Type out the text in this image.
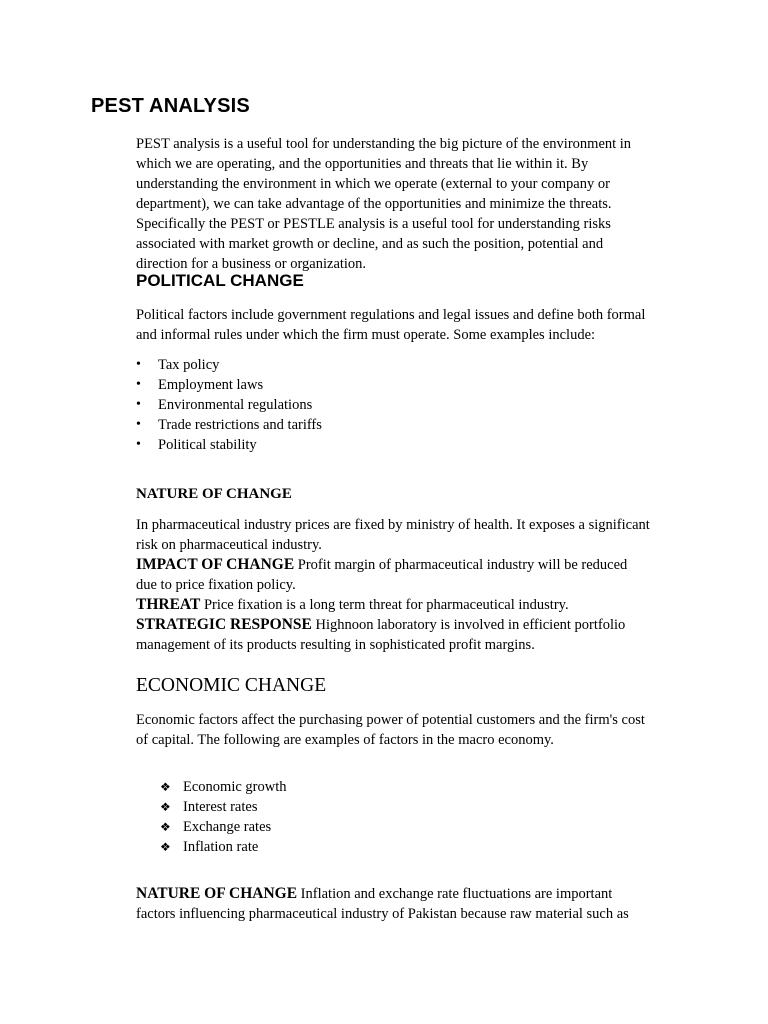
PEST ANALYSIS
PEST analysis is a useful tool for understanding the big picture of the environment in
which we are operating, and the opportunities and threats that lie within it. By
understanding the environment in which we operate (external to your company or
department), we can take advantage of the opportunities and minimize the threats.
Specifically the PEST or PESTLE analysis is a useful tool for understanding risks
associated with market growth or decline, and as such the position, potential and
direction for a business or organization.
POLITICAL CHANGE
Political factors include government regulations and legal issues and define both formal
and informal rules under which the firm must operate. Some examples include:
• Tax policy
• Employment laws
• Environmental regulations
• Trade restrictions and tariffs
• Political stability
NATURE OF CHANGE
In pharmaceutical industry prices are fixed by ministry of health. It exposes a significant
risk on pharmaceutical industry.
IMPACT OF CHANGE Profit margin of pharmaceutical industry will be reduced
due to price fixation policy.
THREAT Price fixation is a long term threat for pharmaceutical industry.
STRATEGIC RESPONSE Highnoon laboratory is involved in efficient portfolio
management of its products resulting in sophisticated profit margins.
ECONOMIC CHANGE
Economic factors affect the purchasing power of potential customers and the firm's cost
of capital. The following are examples of factors in the macro economy.
❖ Economic growth
❖ Interest rates
❖ Exchange rates
❖ Inflation rate
NATURE OF CHANGE Inflation and exchange rate fluctuations are important
factors influencing pharmaceutical industry of Pakistan because raw material such as
